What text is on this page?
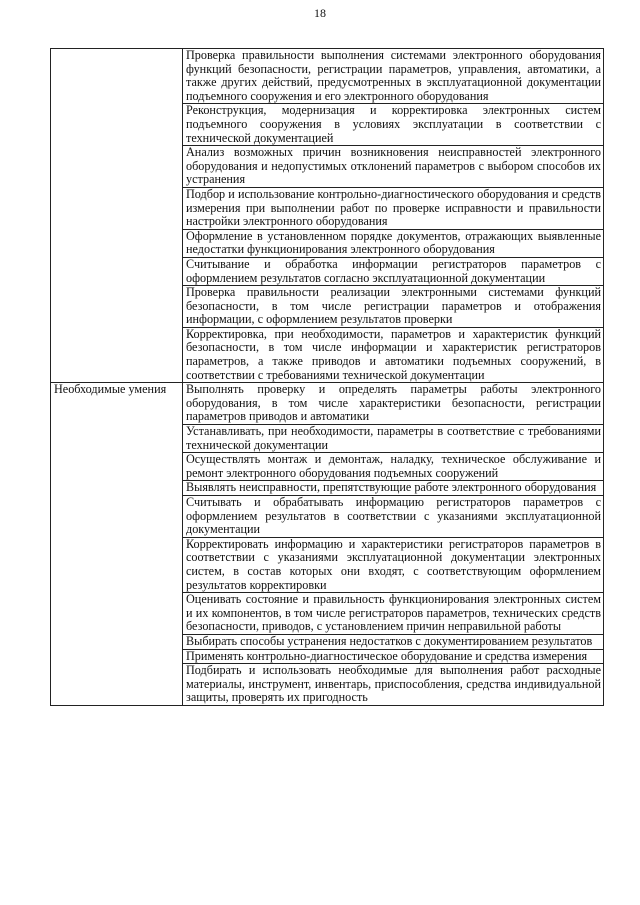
18
	Проверка правильности выполнения системами электронного оборудования функций безопасности, регистрации параметров, управления, автоматики, а также других действий, предусмотренных в эксплуатационной документации подъемного сооружения и его электронного оборудования
	Реконструкция, модернизация и корректировка электронных систем подъемного сооружения в условиях эксплуатации в соответствии с технической документацией
	Анализ возможных причин возникновения неисправностей электронного оборудования и недопустимых отклонений параметров с выбором способов их устранения
	Подбор и использование контрольно-диагностического оборудования и средств измерения при выполнении работ по проверке исправности и правильности настройки электронного оборудования
	Оформление в установленном порядке документов, отражающих выявленные недостатки функционирования электронного оборудования
	Считывание и обработка информации регистраторов параметров с оформлением результатов согласно эксплуатационной документации
	Проверка правильности реализации электронными системами функций безопасности, в том числе регистрации параметров и отображения информации, с оформлением результатов проверки
	Корректировка, при необходимости, параметров и характеристик функций безопасности, в том числе информации и характеристик регистраторов параметров, а также приводов и автоматики подъемных сооружений, в соответствии с требованиями технической документации
Необходимые умения	Выполнять проверку и определять параметры работы электронного оборудования, в том числе характеристики безопасности, регистрации параметров приводов и автоматики
	Устанавливать, при необходимости, параметры в соответствие с требованиями технической документации
	Осуществлять монтаж и демонтаж, наладку, техническое обслуживание и ремонт электронного оборудования подъемных сооружений
	Выявлять неисправности, препятствующие работе электронного оборудования
	Считывать и обрабатывать информацию регистраторов параметров с оформлением результатов в соответствии с указаниями эксплуатационной документации
	Корректировать информацию и характеристики регистраторов параметров в соответствии с указаниями эксплуатационной документации электронных систем, в состав которых они входят, с соответствующим оформлением результатов корректировки
	Оценивать состояние и правильность функционирования электронных систем и их компонентов, в том числе регистраторов параметров, технических средств безопасности, приводов, с установлением причин неправильной работы
	Выбирать способы устранения недостатков с документированием результатов
	Применять контрольно-диагностическое оборудование и средства измерения
	Подбирать и использовать необходимые для выполнения работ расходные материалы, инструмент, инвентарь, приспособления, средства индивидуальной защиты, проверять их пригодность
